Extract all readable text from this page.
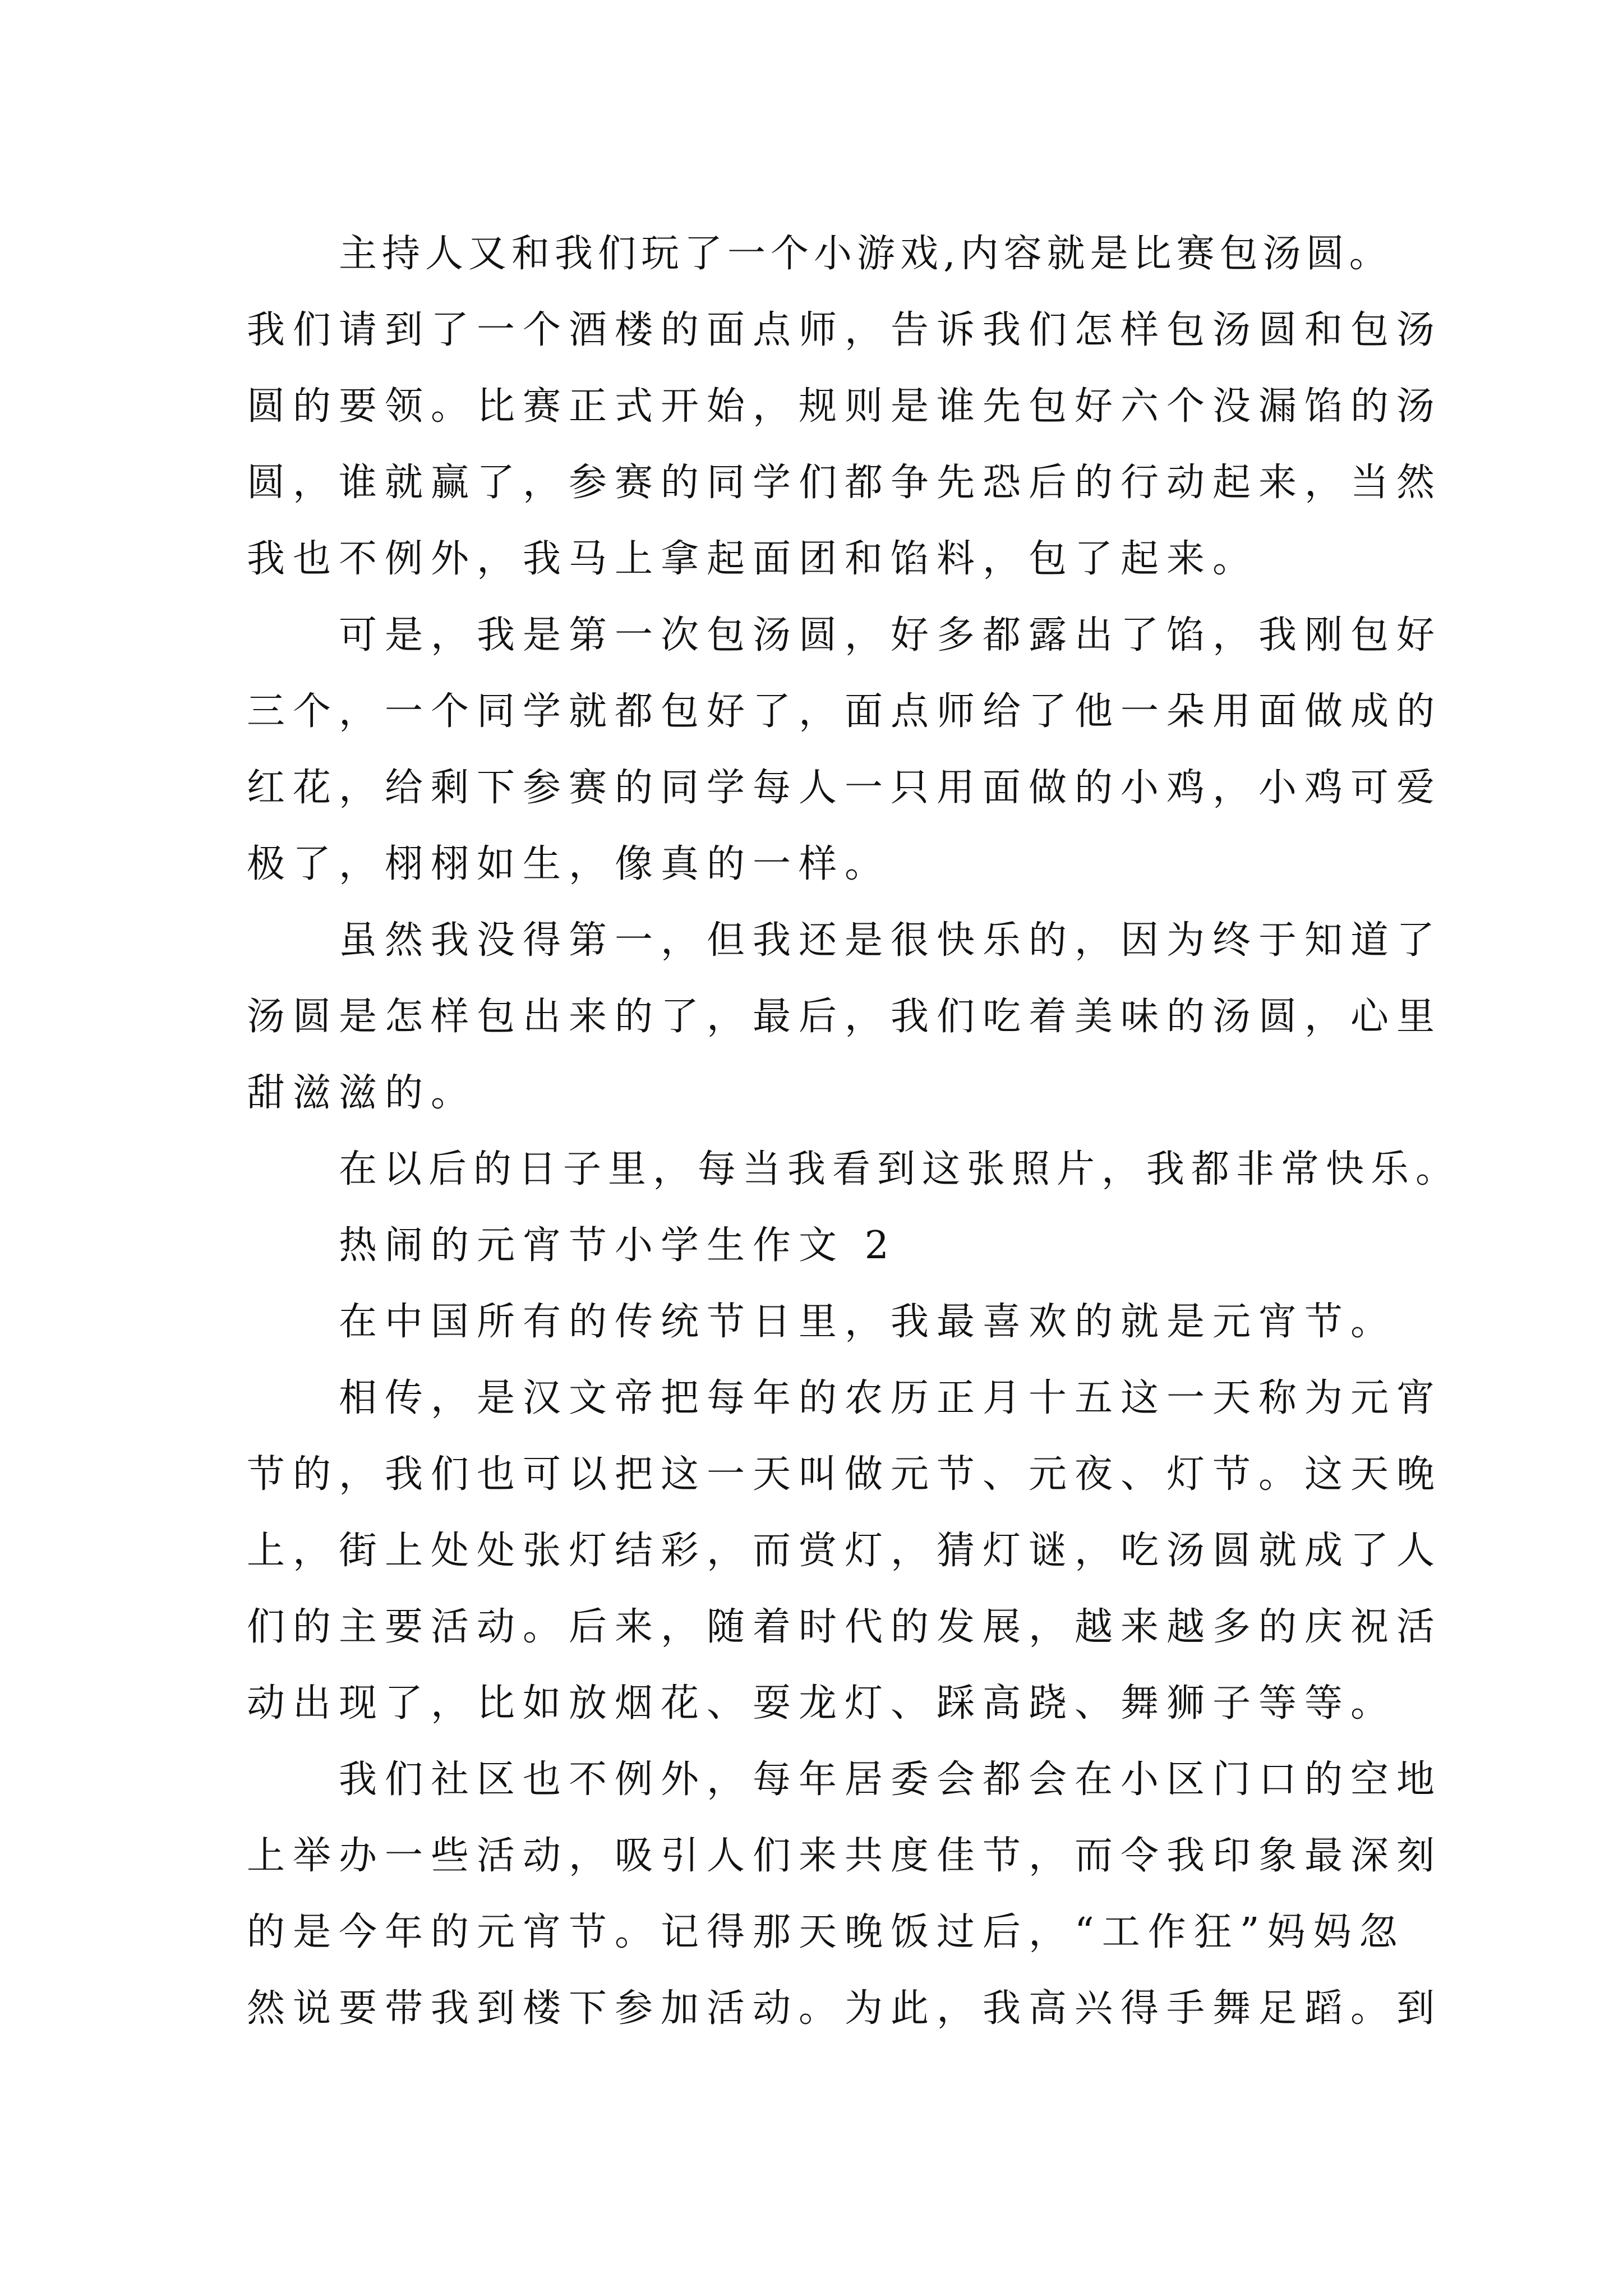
主持人又和我们玩了一个小游戏,内容就是比赛包汤圆。
我们请到了一个酒楼的面点师，告诉我们怎样包汤圆和包汤
圆的要领。比赛正式开始，规则是谁先包好六个没漏馅的汤
圆，谁就赢了，参赛的同学们都争先恐后的行动起来，当然
我也不例外，我马上拿起面团和馅料，包了起来。
可是，我是第一次包汤圆，好多都露出了馅，我刚包好
三个，一个同学就都包好了，面点师给了他一朵用面做成的
红花，给剩下参赛的同学每人一只用面做的小鸡，小鸡可爱
极了，栩栩如生，像真的一样。
虽然我没得第一，但我还是很快乐的，因为终于知道了
汤圆是怎样包出来的了，最后，我们吃着美味的汤圆，心里
甜滋滋的。
在以后的日子里，每当我看到这张照片，我都非常快乐。
热闹的元宵节小学生作文 2
在中国所有的传统节日里，我最喜欢的就是元宵节。
相传，是汉文帝把每年的农历正月十五这一天称为元宵
节的，我们也可以把这一天叫做元节、元夜、灯节。这天晚
上，街上处处张灯结彩，而赏灯，猜灯谜，吃汤圆就成了人
们的主要活动。后来，随着时代的发展，越来越多的庆祝活
动出现了，比如放烟花、耍龙灯、踩高跷、舞狮子等等。
我们社区也不例外，每年居委会都会在小区门口的空地
上举办一些活动，吸引人们来共度佳节，而令我印象最深刻
的是今年的元宵节。记得那天晚饭过后，“工作狂”妈妈忽
然说要带我到楼下参加活动。为此，我高兴得手舞足蹈。到
